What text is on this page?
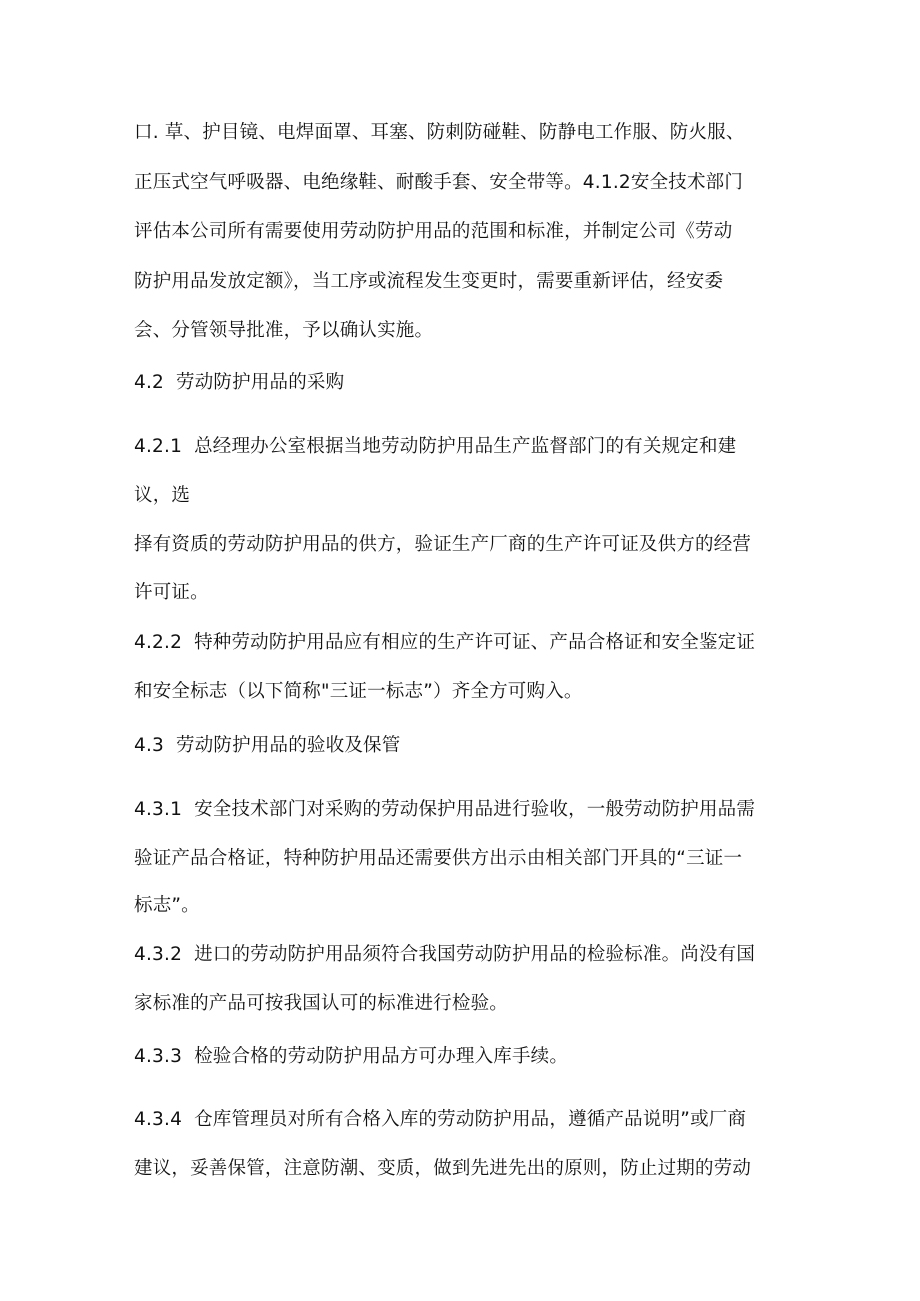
口. 草、护目镜、电焊面罩、耳塞、防刺防碰鞋、防静电工作服、防火服、
正压式空气呼吸器、电绝缘鞋、耐酸手套、安全带等。4.1.2安全技术部门
评估本公司所有需要使用劳动防护用品的范围和标准，并制定公司《劳动
防护用品发放定额》，当工序或流程发生变更时，需要重新评估，经安委
会、分管领导批准，予以确认实施。
4.2 劳动防护用品的采购
4.2.1 总经理办公室根据当地劳动防护用品生产监督部门的有关规定和建
议，选
择有资质的劳动防护用品的供方，验证生产厂商的生产许可证及供方的经营
许可证。
4.2.2 特种劳动防护用品应有相应的生产许可证、产品合格证和安全鉴定证
和安全标志（以下简称"三证一标志”）齐全方可购入。
4.3 劳动防护用品的验收及保管
4.3.1 安全技术部门对采购的劳动保护用品进行验收，一般劳动防护用品需
验证产品合格证，特种防护用品还需要供方出示由相关部门开具的“三证一
标志”。
4.3.2 进口的劳动防护用品须符合我国劳动防护用品的检验标准。尚没有国
家标准的产品可按我国认可的标准进行检验。
4.3.3 检验合格的劳动防护用品方可办理入库手续。
4.3.4 仓库管理员对所有合格入库的劳动防护用品，遵循产品说明”或厂商
建议，妥善保管，注意防潮、变质，做到先进先出的原则，防止过期的劳动
